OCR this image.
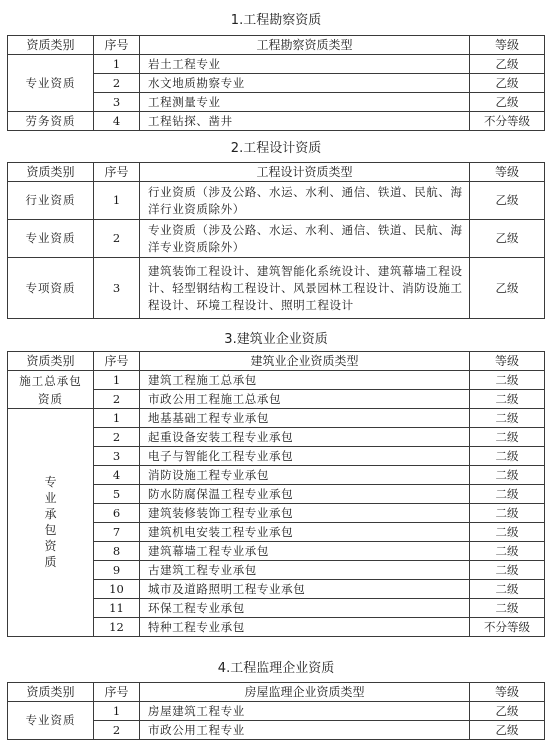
1.工程勘察资质
资质类别	序号	工程勘察资质类型	等级
专业资质	1	岩土工程专业	乙级
	2	水文地质勘察专业	乙级
	3	工程测量专业	乙级
劳务资质	4	工程钻探、凿井	不分等级
2.工程设计资质
资质类别	序号	工程设计资质类型	等级
行业资质	1	行业资质（涉及公路、水运、水利、通信、铁道、民航、海洋行业资质除外）	乙级
专业资质	2	专业资质（涉及公路、水运、水利、通信、铁道、民航、海洋专业资质除外）	乙级
专项资质	3	建筑装饰工程设计、建筑智能化系统设计、建筑幕墙工程设计、轻型钢结构工程设计、风景园林工程设计、消防设施工程设计、环境工程设计、照明工程设计	乙级
3.建筑业企业资质
资质类别	序号	建筑业企业资质类型	等级
施工总承包资质	1	建筑工程施工总承包	二级
	2	市政公用工程施工总承包	二级
专业承包资质	1	地基基础工程专业承包	二级
	2	起重设备安装工程专业承包	二级
	3	电子与智能化工程专业承包	二级
	4	消防设施工程专业承包	二级
	5	防水防腐保温工程专业承包	二级
	6	建筑装修装饰工程专业承包	二级
	7	建筑机电安装工程专业承包	二级
	8	建筑幕墙工程专业承包	二级
	9	古建筑工程专业承包	二级
	10	城市及道路照明工程专业承包	二级
	11	环保工程专业承包	二级
	12	特种工程专业承包	不分等级
4.工程监理企业资质
资质类别	序号	房屋监理企业资质类型	等级
专业资质	1	房屋建筑工程专业	乙级
	2	市政公用工程专业	乙级
